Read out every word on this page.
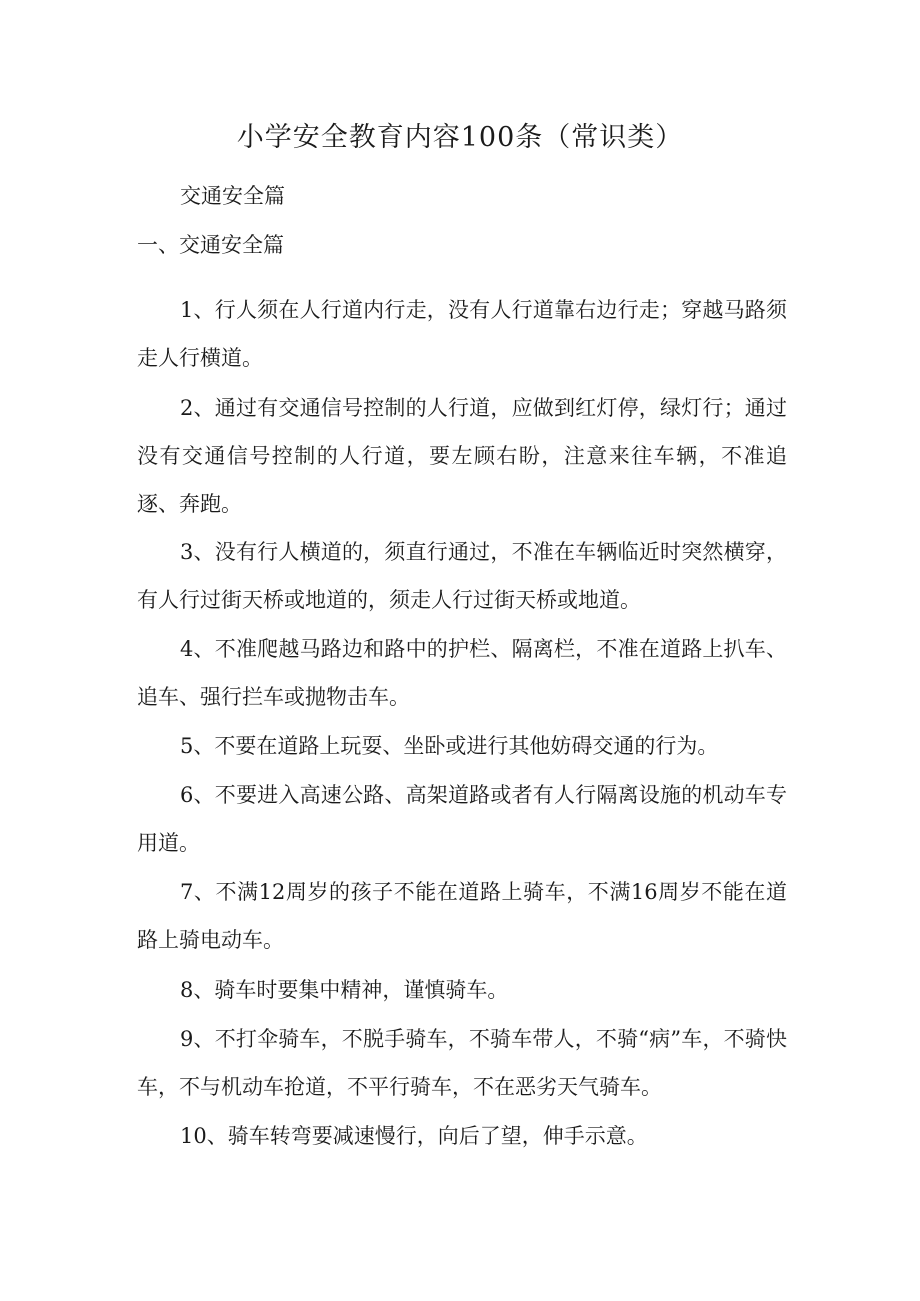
小学安全教育内容100条（常识类）
交通安全篇
一、交通安全篇

1、行人须在人行道内行走，没有人行道靠右边行走；穿越马路须走人行横道。

2、通过有交通信号控制的人行道，应做到红灯停，绿灯行；通过没有交通信号控制的人行道，要左顾右盼，注意来往车辆，不准追逐、奔跑。

3、没有行人横道的，须直行通过，不准在车辆临近时突然横穿，有人行过街天桥或地道的，须走人行过街天桥或地道。

4、不准爬越马路边和路中的护栏、隔离栏，不准在道路上扒车、追车、强行拦车或抛物击车。

5、不要在道路上玩耍、坐卧或进行其他妨碍交通的行为。

6、不要进入高速公路、高架道路或者有人行隔离设施的机动车专用道。

7、不满12周岁的孩子不能在道路上骑车，不满16周岁不能在道路上骑电动车。

8、骑车时要集中精神，谨慎骑车。

9、不打伞骑车，不脱手骑车，不骑车带人，不骑“病”车，不骑快车，不与机动车抢道，不平行骑车，不在恶劣天气骑车。

10、骑车转弯要减速慢行，向后了望，伸手示意。
